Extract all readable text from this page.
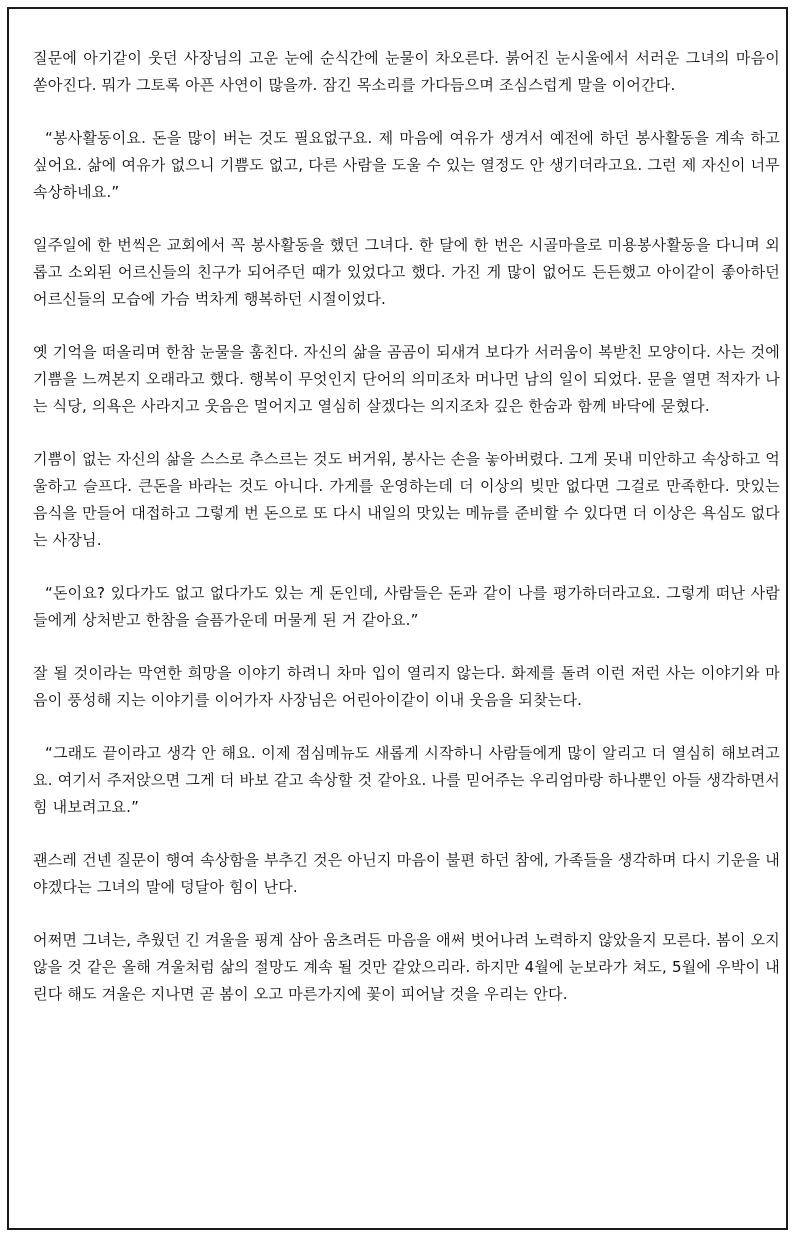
질문에 아기같이 웃던 사장님의 고운 눈에 순식간에 눈물이 차오른다. 붉어진 눈시울에서 서러운 그녀의 마음이 쏟아진다. 뭐가 그토록 아픈 사연이 많을까. 잠긴 목소리를 가다듬으며 조심스럽게 말을 이어간다.

“봉사활동이요. 돈을 많이 버는 것도 필요없구요. 제 마음에 여유가 생겨서 예전에 하던 봉사활동을 계속 하고 싶어요. 삶에 여유가 없으니 기쁨도 없고, 다른 사람을 도울 수 있는 열정도 안 생기더라고요. 그런 제 자신이 너무 속상하네요.”

일주일에 한 번씩은 교회에서 꼭 봉사활동을 했던 그녀다. 한 달에 한 번은 시골마을로 미용봉사활동을 다니며 외롭고 소외된 어르신들의 친구가 되어주던 때가 있었다고 했다. 가진 게 많이 없어도 든든했고 아이같이 좋아하던 어르신들의 모습에 가슴 벅차게 행복하던 시절이었다.

옛 기억을 떠올리며 한참 눈물을 훔친다. 자신의 삶을 곰곰이 되새겨 보다가 서러움이 복받친 모양이다. 사는 것에 기쁨을 느껴본지 오래라고 했다. 행복이 무엇인지 단어의 의미조차 머나먼 남의 일이 되었다. 문을 열면 적자가 나는 식당, 의욕은 사라지고 웃음은 멀어지고 열심히 살겠다는 의지조차 깊은 한숨과 함께 바닥에 묻혔다.

기쁨이 없는 자신의 삶을 스스로 추스르는 것도 버거워, 봉사는 손을 놓아버렸다. 그게 못내 미안하고 속상하고 억울하고 슬프다. 큰돈을 바라는 것도 아니다. 가게를 운영하는데 더 이상의 빚만 없다면 그걸로 만족한다. 맛있는 음식을 만들어 대접하고 그렇게 번 돈으로 또 다시 내일의 맛있는 메뉴를 준비할 수 있다면 더 이상은 욕심도 없다는 사장님.

“돈이요? 있다가도 없고 없다가도 있는 게 돈인데, 사람들은 돈과 같이 나를 평가하더라고요. 그렇게 떠난 사람들에게 상처받고 한참을 슬픔가운데 머물게 된 거 같아요.”

잘 될 것이라는 막연한 희망을 이야기 하려니 차마 입이 열리지 않는다. 화제를 돌려 이런 저런 사는 이야기와 마음이 풍성해 지는 이야기를 이어가자 사장님은 어린아이같이 이내 웃음을 되찾는다.

“그래도 끝이라고 생각 안 해요. 이제 점심메뉴도 새롭게 시작하니 사람들에게 많이 알리고 더 열심히 해보려고요. 여기서 주저앉으면 그게 더 바보 같고 속상할 것 같아요. 나를 믿어주는 우리엄마랑 하나뿐인 아들 생각하면서 힘 내보려고요.”

괜스레 건넨 질문이 행여 속상함을 부추긴 것은 아닌지 마음이 불편 하던 참에, 가족들을 생각하며 다시 기운을 내야겠다는 그녀의 말에 덩달아 힘이 난다.

어쩌면 그녀는, 추웠던 긴 겨울을 핑계 삼아 움츠려든 마음을 애써 벗어나려 노력하지 않았을지 모른다. 봄이 오지 않을 것 같은 올해 겨울처럼 삶의 절망도 계속 될 것만 같았으리라. 하지만 4월에 눈보라가 쳐도, 5월에 우박이 내린다 해도 겨울은 지나면 곧 봄이 오고 마른가지에 꽃이 피어날 것을 우리는 안다.
